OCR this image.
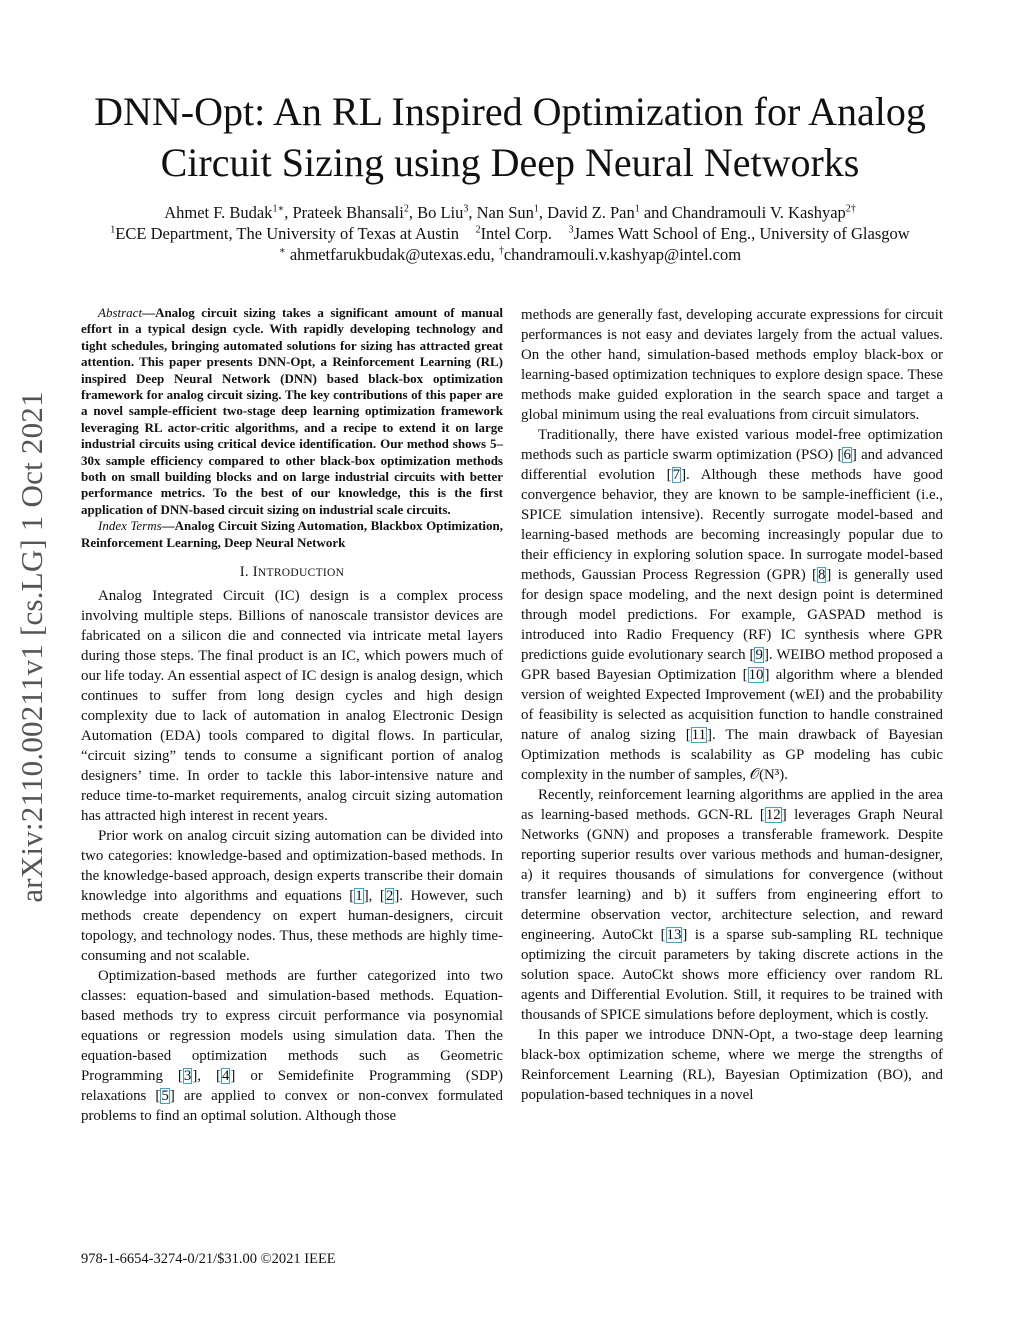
arXiv:2110.00211v1 [cs.LG] 1 Oct 2021
DNN-Opt: An RL Inspired Optimization for Analog
Circuit Sizing using Deep Neural Networks
Ahmet F. Budak$^{1∗}$, Prateek Bhansali$^2$, Bo Liu$^3$, Nan Sun$^1$, David Z. Pan$^1$ and Chandramouli V. Kashyap$^{2\dagger}$
$^1$ECE Department, The University of Texas at Austin $^2$Intel Corp. $^3$James Watt School of Eng., University of Glasgow
∗ ahmetfarukbudak@utexas.edu, †chandramouli.v.kashyap@intel.com

Abstract—Analog circuit sizing takes a significant amount of manual effort in a typical design cycle. With rapidly developing technology and tight schedules, bringing automated solutions for sizing has attracted great attention. This paper presents DNN-Opt, a Reinforcement Learning (RL) inspired Deep Neural Network (DNN) based black-box optimization framework for analog circuit sizing. The key contributions of this paper are a novel sample-efficient two-stage deep learning optimization framework leveraging RL actor-critic algorithms, and a recipe to extend it on large industrial circuits using critical device identification. Our method shows 5–30x sample efficiency compared to other black-box optimization methods both on small building blocks and on large industrial circuits with better performance metrics. To the best of our knowledge, this is the first application of DNN-based circuit sizing on industrial scale circuits.

Index Terms—Analog Circuit Sizing Automation, Blackbox Optimization, Reinforcement Learning, Deep Neural Network

I. INTRODUCTION

Analog Integrated Circuit (IC) design is a complex process involving multiple steps. Billions of nanoscale transistor devices are fabricated on a silicon die and connected via intricate metal layers during those steps. The final product is an IC, which powers much of our life today. An essential aspect of IC design is analog design, which continues to suffer from long design cycles and high design complexity due to lack of automation in analog Electronic Design Automation (EDA) tools compared to digital flows. In particular, “circuit sizing” tends to consume a significant portion of analog designers’ time. In order to tackle this labor-intensive nature and reduce time-to-market requirements, analog circuit sizing automation has attracted high interest in recent years.

Prior work on analog circuit sizing automation can be divided into two categories: knowledge-based and optimization-based methods. In the knowledge-based approach, design experts transcribe their domain knowledge into algorithms and equations [1], [2]. However, such methods create dependency on expert human-designers, circuit topology, and technology nodes. Thus, these methods are highly time-consuming and not scalable.

Optimization-based methods are further categorized into two classes: equation-based and simulation-based methods. Equation-based methods try to express circuit performance via posynomial equations or regression models using simulation data. Then the equation-based optimization methods such as Geometric Programming [3], [4] or Semidefinite Programming (SDP) relaxations [5] are applied to convex or non-convex formulated problems to find an optimal solution. Although those

methods are generally fast, developing accurate expressions for circuit performances is not easy and deviates largely from the actual values. On the other hand, simulation-based methods employ black-box or learning-based optimization techniques to explore design space. These methods make guided exploration in the search space and target a global minimum using the real evaluations from circuit simulators.

Traditionally, there have existed various model-free optimization methods such as particle swarm optimization (PSO) [6] and advanced differential evolution [7]. Although these methods have good convergence behavior, they are known to be sample-inefficient (i.e., SPICE simulation intensive). Recently surrogate model-based and learning-based methods are becoming increasingly popular due to their efficiency in exploring solution space. In surrogate model-based methods, Gaussian Process Regression (GPR) [8] is generally used for design space modeling, and the next design point is determined through model predictions. For example, GASPAD method is introduced into Radio Frequency (RF) IC synthesis where GPR predictions guide evolutionary search [9]. WEIBO method proposed a GPR based Bayesian Optimization [10] algorithm where a blended version of weighted Expected Improvement (wEI) and the probability of feasibility is selected as acquisition function to handle constrained nature of analog sizing [11]. The main drawback of Bayesian Optimization methods is scalability as GP modeling has cubic complexity in the number of samples, 𝒪(N³).

Recently, reinforcement learning algorithms are applied in the area as learning-based methods. GCN-RL [12] leverages Graph Neural Networks (GNN) and proposes a transferable framework. Despite reporting superior results over various methods and human-designer, a) it requires thousands of simulations for convergence (without transfer learning) and b) it suffers from engineering effort to determine observation vector, architecture selection, and reward engineering. AutoCkt [13] is a sparse sub-sampling RL technique optimizing the circuit parameters by taking discrete actions in the solution space. AutoCkt shows more efficiency over random RL agents and Differential Evolution. Still, it requires to be trained with thousands of SPICE simulations before deployment, which is costly.

In this paper we introduce DNN-Opt, a two-stage deep learning black-box optimization scheme, where we merge the strengths of Reinforcement Learning (RL), Bayesian Optimization (BO), and population-based techniques in a novel

978-1-6654-3274-0/21/$31.00 ©2021 IEEE
